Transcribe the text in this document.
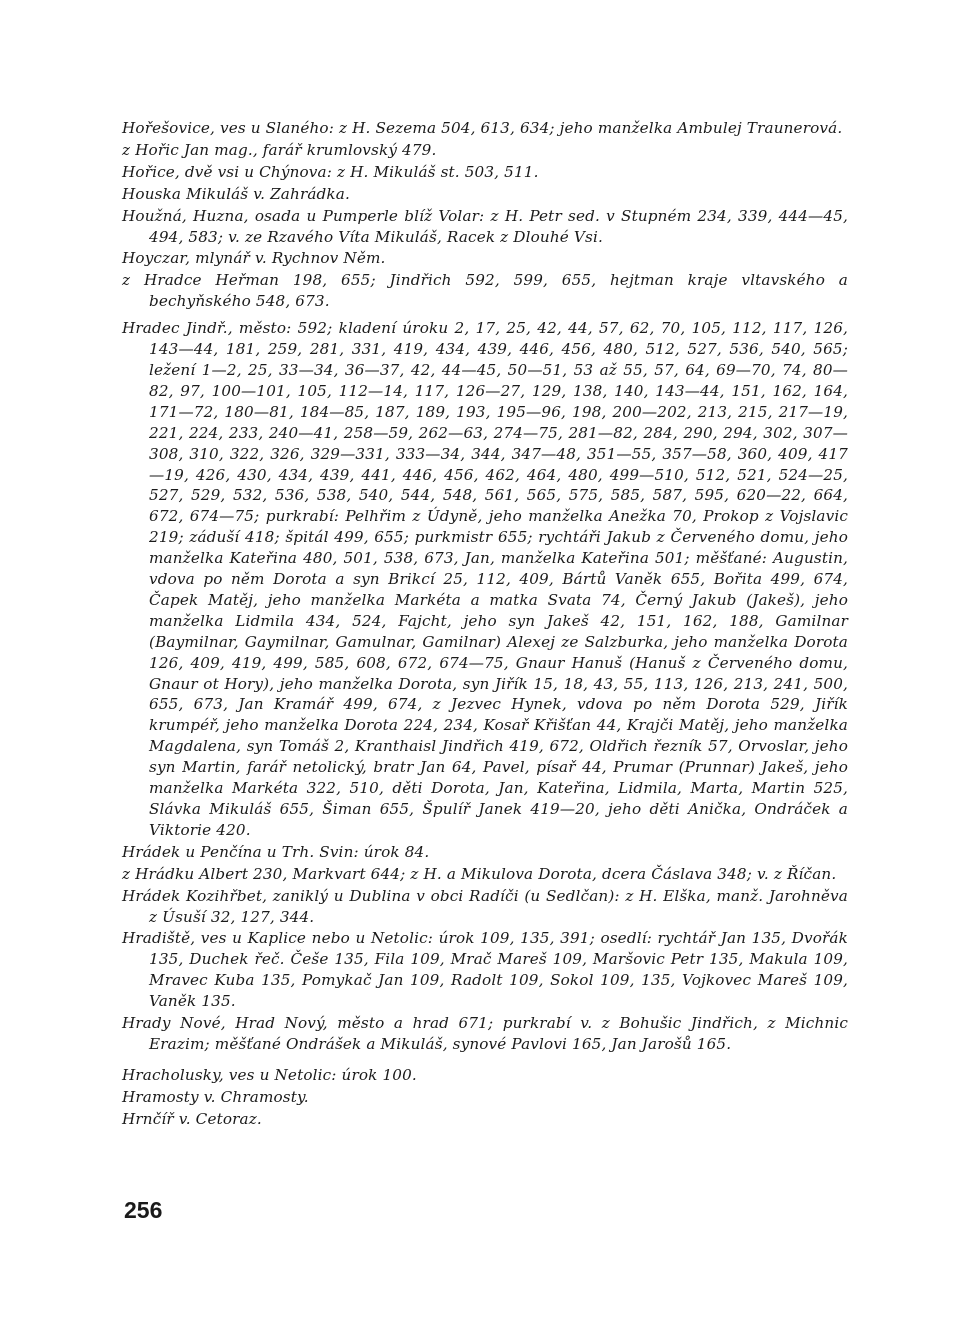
Hořešovice, ves u Slaného: z H. Sezema 504, 613, 634; jeho manželka Ambulej Traunerová.

z Hořic Jan mag., farář krumlovský 479.

Hořice, dvě vsi u Chýnova: z H. Mikuláš st. 503, 511.

Houska Mikuláš v. Zahrádka.

Houžná, Huzna, osada u Pumperle blíž Volar: z H. Petr sed. v Stupném 234, 339, 444—45, 494, 583; v. ze Rzavého Víta Mikuláš, Racek z Dlouhé Vsi.

Hoyczar, mlynář v. Rychnov Něm.

z Hradce Heřman 198, 655; Jindřich 592, 599, 655, hejtman kraje vltavského a bechyňského 548, 673.

Hradec Jindř., město: 592; kladení úroku 2, 17, 25, 42, 44, 57, 62, 70, 105, 112, 117, 126, 143—44, 181, 259, 281, 331, 419, 434, 439, 446, 456, 480, 512, 527, 536, 540, 565; ležení 1—2, 25, 33—34, 36—37, 42, 44—45, 50—51, 53 až 55, 57, 64, 69—70, 74, 80—82, 97, 100—101, 105, 112—14, 117, 126—27, 129, 138, 140, 143—44, 151, 162, 164, 171—72, 180—81, 184—85, 187, 189, 193, 195—96, 198, 200—202, 213, 215, 217—19, 221, 224, 233, 240—41, 258—59, 262—63, 274—75, 281—82, 284, 290, 294, 302, 307—308, 310, 322, 326, 329—331, 333—34, 344, 347—48, 351—55, 357—58, 360, 409, 417—19, 426, 430, 434, 439, 441, 446, 456, 462, 464, 480, 499—510, 512, 521, 524—25, 527, 529, 532, 536, 538, 540, 544, 548, 561, 565, 575, 585, 587, 595, 620—22, 664, 672, 674—75; purkrabí: Pelhřim z Údyně, jeho manželka Anežka 70, Prokop z Vojslavic 219; záduší 418; špitál 499, 655; purkmistr 655; rychtáři Jakub z Červeného domu, jeho manželka Kateřina 480, 501, 538, 673, Jan, manželka Kateřina 501; měšťané: Augustin, vdova po něm Dorota a syn Brikcí 25, 112, 409, Bártů Vaněk 655, Bořita 499, 674, Čapek Matěj, jeho manželka Markéta a matka Svata 74, Černý Jakub (Jakeš), jeho manželka Lidmila 434, 524, Fajcht, jeho syn Jakeš 42, 151, 162, 188, Gamilnar (Baymilnar, Gaymilnar, Gamulnar, Gamilnar) Alexej ze Salzburka, jeho manželka Dorota 126, 409, 419, 499, 585, 608, 672, 674—75, Gnaur Hanuš (Hanuš z Červeného domu, Gnaur ot Hory), jeho manželka Dorota, syn Jiřík 15, 18, 43, 55, 113, 126, 213, 241, 500, 655, 673, Jan Kramář 499, 674, z Jezvec Hynek, vdova po něm Dorota 529, Jiřík krumpéř, jeho manželka Dorota 224, 234, Kosař Křišťan 44, Krajči Matěj, jeho manželka Magdalena, syn Tomáš 2, Kranthaisl Jindřich 419, 672, Oldřich řezník 57, Orvoslar, jeho syn Martin, farář netolický, bratr Jan 64, Pavel, písař 44, Prumar (Prunnar) Jakeš, jeho manželka Markéta 322, 510, děti Dorota, Jan, Kateřina, Lidmila, Marta, Martin 525, Slávka Mikuláš 655, Šiman 655, Špulíř Janek 419—20, jeho děti Anička, Ondráček a Viktorie 420.

Hrádek u Penčína u Trh. Svin: úrok 84.

z Hrádku Albert 230, Markvart 644; z H. a Mikulova Dorota, dcera Čáslava 348; v. z Říčan.

Hrádek Kozihřbet, zaniklý u Dublina v obci Radíči (u Sedlčan): z H. Elška, manž. Jarohněva z Úsuší 32, 127, 344.

Hradiště, ves u Kaplice nebo u Netolic: úrok 109, 135, 391; osedlí: rychtář Jan 135, Dvořák 135, Duchek řeč. Češe 135, Fila 109, Mrač Mareš 109, Maršovic Petr 135, Makula 109, Mravec Kuba 135, Pomykač Jan 109, Radolt 109, Sokol 109, 135, Vojkovec Mareš 109, Vaněk 135.

Hrady Nové, Hrad Nový, město a hrad 671; purkrabí v. z Bohušic Jindřich, z Michnic Erazim; měšťané Ondrášek a Mikuláš, synové Pavlovi 165, Jan Jarošů 165.

Hracholusky, ves u Netolic: úrok 100.

Hramosty v. Chramosty.

Hrnčíř v. Cetoraz.

256
